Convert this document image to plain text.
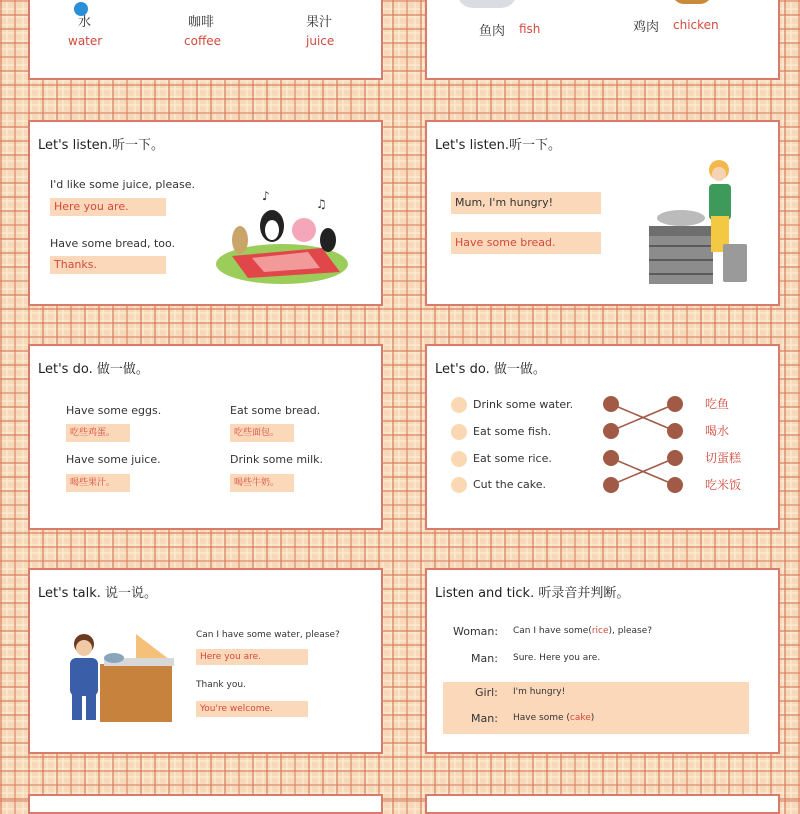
水
water
咖啡
coffee
果汁
juice
鱼肉 fish	鸡肉 chicken
Let's listen.听一下。
I'd like some juice, please.
Here you are.
Have some bread, too.
Thanks.
♪
♫
Let's listen.听一下。
Mum, I'm hungry!
Have some bread.
Let's do. 做一做。
Have some eggs.
吃些鸡蛋。
Eat some bread.
吃些面包。
Have some juice.
喝些果汁。
Drink some milk.
喝些牛奶。
Let's do. 做一做。
Drink some water.
Eat some fish.
Eat some rice.
Cut the cake.
吃鱼
喝水
切蛋糕
吃米饭
Let's talk. 说一说。
Can I have some water, please?
Here you are.
Thank you.
You're welcome.
Listen and tick. 听录音并判断。
Woman: Can I have some(rice), please?
Man: Sure. Here you are.
Girl: I'm hungry!
Man: Have some (cake)
